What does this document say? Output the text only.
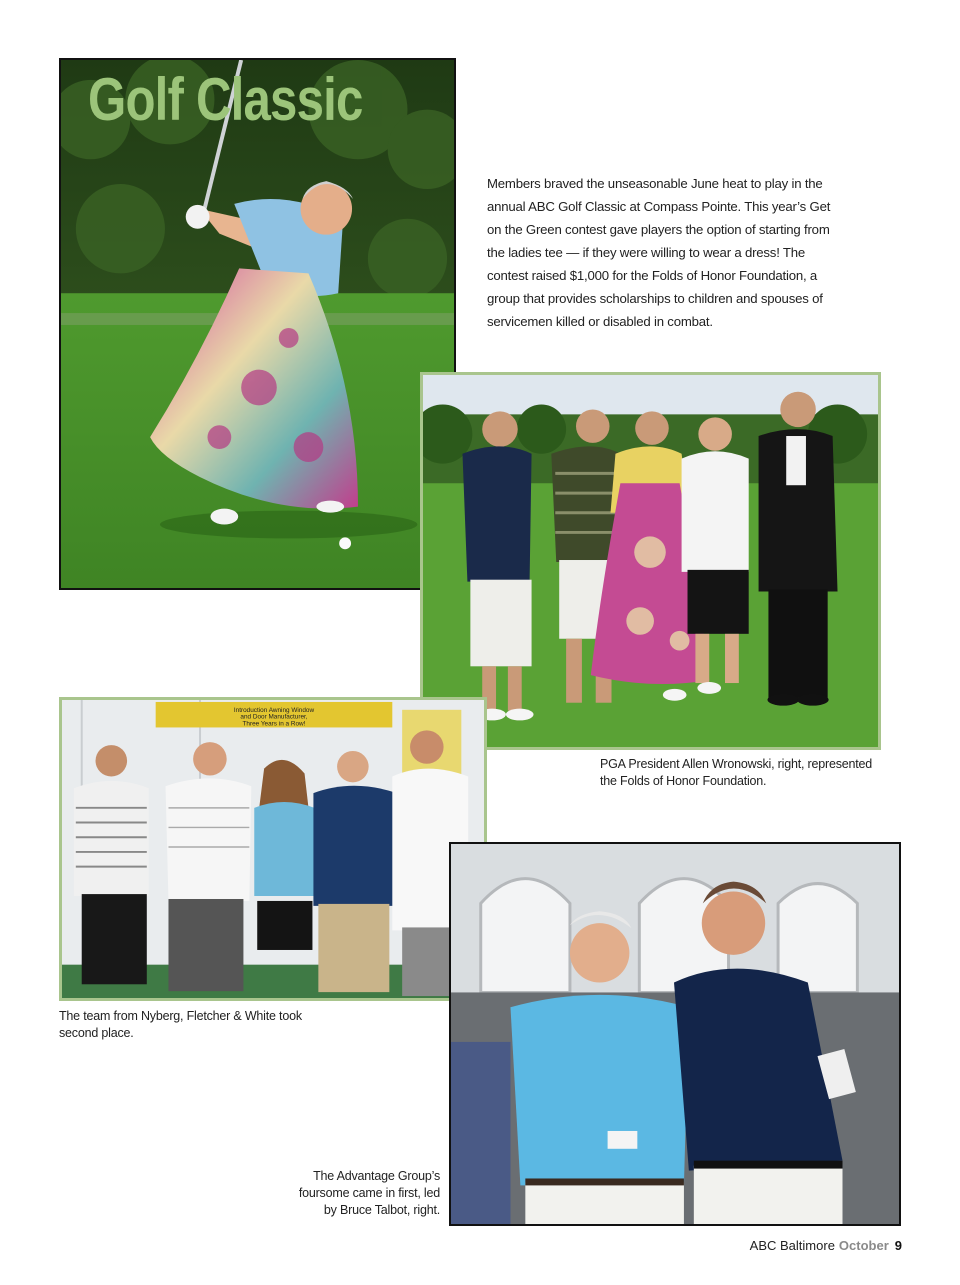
Golf Classic

Members braved the unseasonable June heat to play in the annual ABC Golf Classic at Compass Pointe. This year’s Get on the Green contest gave players the option of starting from the ladies tee — if they were willing to wear a dress! The contest raised $1,000 for the Folds of Honor Foundation, a group that provides scholarships to children and spouses of servicemen killed or disabled in combat.

PGA President Allen Wronowski, right, represented the Folds of Honor Foundation.
Introduction Awning Window
and Door Manufacturer,
Three Years in a Row!
The team from Nyberg, Fletcher & White took second place.
The Advantage Group’s foursome came in first, led by Bruce Talbot, right.
ABC Baltimore October 9
